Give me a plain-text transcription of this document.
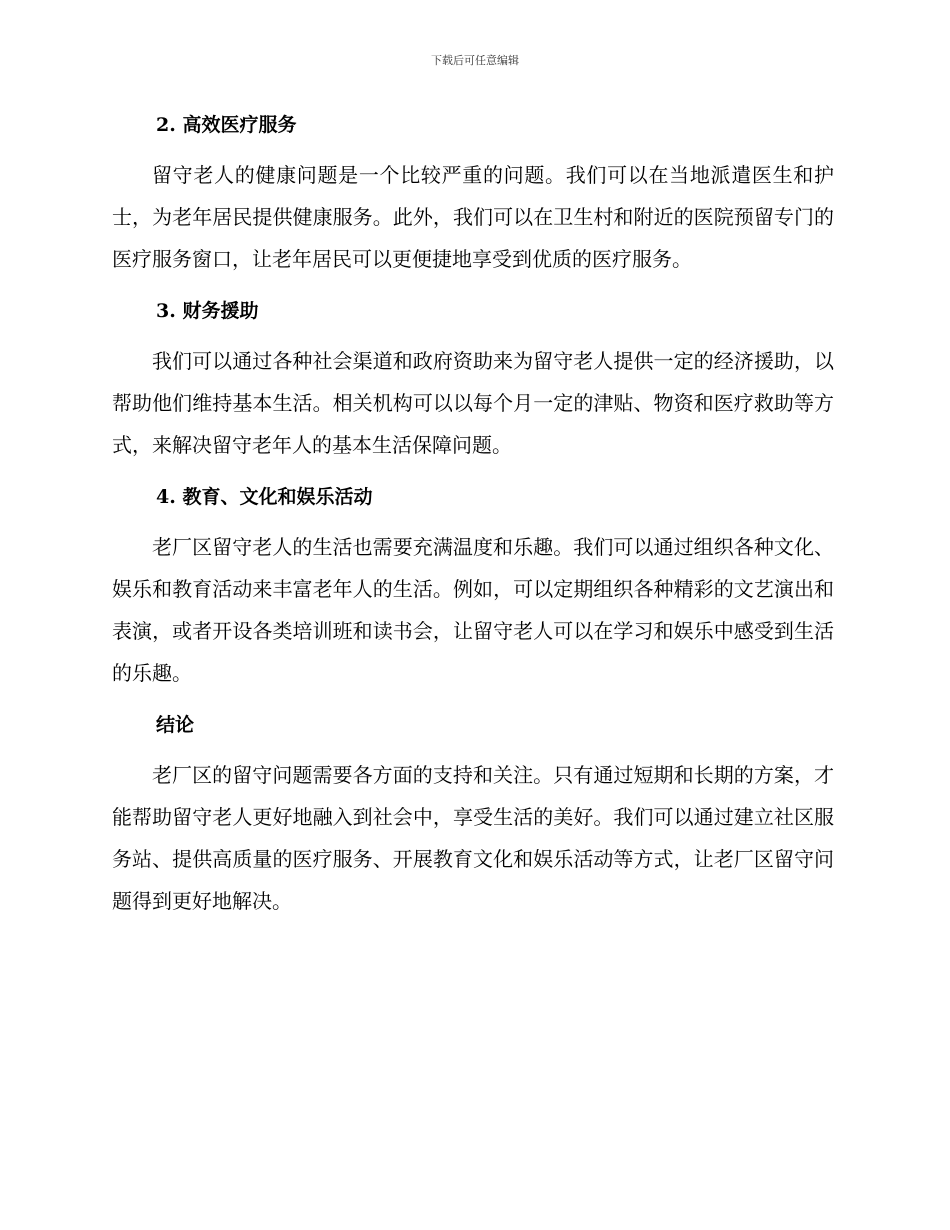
下载后可任意编辑
2. 高效医疗服务

留守老人的健康问题是一个比较严重的问题。我们可以在当地派遣医生和护士，为老年居民提供健康服务。此外，我们可以在卫生村和附近的医院预留专门的医疗服务窗口，让老年居民可以更便捷地享受到优质的医疗服务。

3. 财务援助

我们可以通过各种社会渠道和政府资助来为留守老人提供一定的经济援助，以帮助他们维持基本生活。相关机构可以以每个月一定的津贴、物资和医疗救助等方式，来解决留守老年人的基本生活保障问题。

4. 教育、文化和娱乐活动

老厂区留守老人的生活也需要充满温度和乐趣。我们可以通过组织各种文化、娱乐和教育活动来丰富老年人的生活。例如，可以定期组织各种精彩的文艺演出和表演，或者开设各类培训班和读书会，让留守老人可以在学习和娱乐中感受到生活的乐趣。

结论

老厂区的留守问题需要各方面的支持和关注。只有通过短期和长期的方案，才能帮助留守老人更好地融入到社会中，享受生活的美好。我们可以通过建立社区服务站、提供高质量的医疗服务、开展教育文化和娱乐活动等方式，让老厂区留守问题得到更好地解决。
